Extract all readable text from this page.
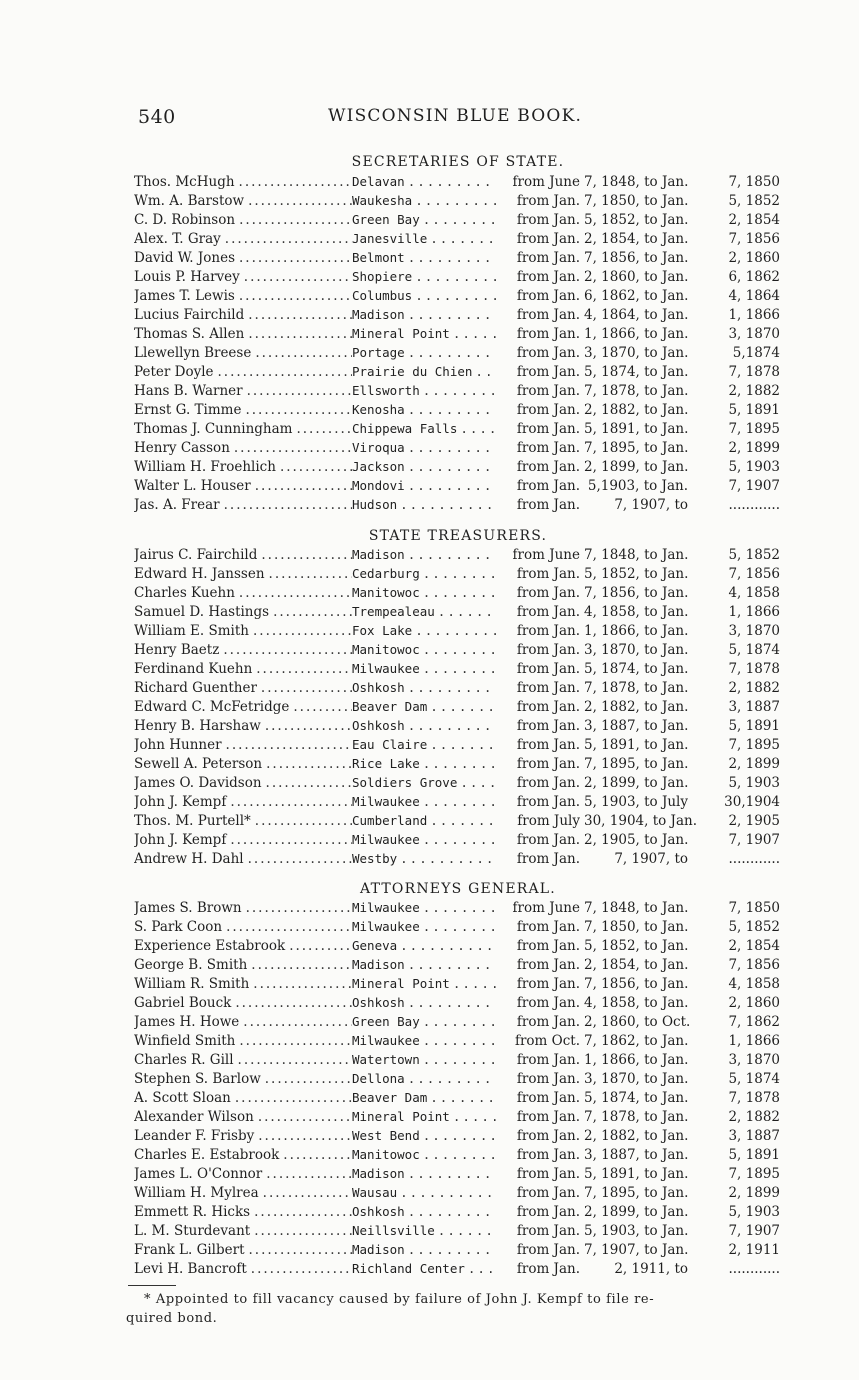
540	WISCONSIN BLUE BOOK.
SECRETARIES OF STATE.
Thos. McHugh .....	Delavan .....	from June 7, 1848, to Jan.	7, 1850
Wm. A. Barstow .....	Waukesha .....	from Jan. 7, 1850, to Jan.	5, 1852
C. D. Robinson .....	Green Bay .....	from Jan. 5, 1852, to Jan.	2, 1854
Alex. T. Gray .....	Janesville .....	from Jan. 2, 1854, to Jan.	7, 1856
David W. Jones .....	Belmont .....	from Jan. 7, 1856, to Jan.	2, 1860
Louis P. Harvey .....	Shopiere .....	from Jan. 2, 1860, to Jan.	6, 1862
James T. Lewis .....	Columbus .....	from Jan. 6, 1862, to Jan.	4, 1864
Lucius Fairchild .....	Madison .....	from Jan. 4, 1864, to Jan.	1, 1866
Thomas S. Allen .....	Mineral Point .....	from Jan. 1, 1866, to Jan.	3, 1870
Llewellyn Breese .....	Portage .....	from Jan. 3, 1870, to Jan.	5,1874
Peter Doyle .....	Prairie du Chien .....	from Jan. 5, 1874, to Jan.	7, 1878
Hans B. Warner .....	Ellsworth .....	from Jan. 7, 1878, to Jan.	2, 1882
Ernst G. Timme .....	Kenosha .....	from Jan. 2, 1882, to Jan.	5, 1891
Thomas J. Cunningham .....	Chippewa Falls .....	from Jan. 5, 1891, to Jan.	7, 1895
Henry Casson .....	Viroqua .....	from Jan. 7, 1895, to Jan.	2, 1899
William H. Froehlich .....	Jackson .....	from Jan. 2, 1899, to Jan.	5, 1903
Walter L. Houser .....	Mondovi .....	from Jan. 5,1903, to Jan.	7, 1907
Jas. A. Frear .....	Hudson .....	from Jan.	7, 1907, to	............
STATE TREASURERS.
Jairus C. Fairchild .....	Madison .....	from June 7, 1848, to Jan.	5, 1852
Edward H. Janssen .....	Cedarburg .....	from Jan. 5, 1852, to Jan.	7, 1856
Charles Kuehn .....	Manitowoc .....	from Jan. 7, 1856, to Jan.	4, 1858
Samuel D. Hastings .....	Trempealeau .....	from Jan. 4, 1858, to Jan.	1, 1866
William E. Smith .....	Fox Lake .....	from Jan. 1, 1866, to Jan.	3, 1870
Henry Baetz .....	Manitowoc .....	from Jan. 3, 1870, to Jan.	5, 1874
Ferdinand Kuehn .....	Milwaukee .....	from Jan. 5, 1874, to Jan.	7, 1878
Richard Guenther .....	Oshkosh .....	from Jan. 7, 1878, to Jan.	2, 1882
Edward C. McFetridge .....	Beaver Dam .....	from Jan. 2, 1882, to Jan.	3, 1887
Henry B. Harshaw .....	Oshkosh .....	from Jan. 3, 1887, to Jan.	5, 1891
John Hunner .....	Eau Claire .....	from Jan. 5, 1891, to Jan.	7, 1895
Sewell A. Peterson .....	Rice Lake .....	from Jan. 7, 1895, to Jan.	2, 1899
James O. Davidson .....	Soldiers Grove .....	from Jan. 2, 1899, to Jan.	5, 1903
John J. Kempf .....	Milwaukee .....	from Jan. 5, 1903, to July	30,1904
Thos. M. Purtell* .....	Cumberland .....	from July 30, 1904, to Jan.	2, 1905
John J. Kempf .....	Milwaukee .....	from Jan. 2, 1905, to Jan.	7, 1907
Andrew H. Dahl .....	Westby .....	from Jan.	7, 1907, to	............
ATTORNEYS GENERAL.
James S. Brown .....	Milwaukee .....	from June 7, 1848, to Jan.	7, 1850
S. Park Coon .....	Milwaukee .....	from Jan. 7, 1850, to Jan.	5, 1852
Experience Estabrook .....	Geneva .....	from Jan. 5, 1852, to Jan.	2, 1854
George B. Smith .....	Madison .....	from Jan. 2, 1854, to Jan.	7, 1856
William R. Smith .....	Mineral Point .....	from Jan. 7, 1856, to Jan.	4, 1858
Gabriel Bouck .....	Oshkosh .....	from Jan. 4, 1858, to Jan.	2, 1860
James H. Howe .....	Green Bay .....	from Jan. 2, 1860, to Oct.	7, 1862
Winfield Smith .....	Milwaukee .....	from Oct. 7, 1862, to Jan.	1, 1866
Charles R. Gill .....	Watertown .....	from Jan. 1, 1866, to Jan.	3, 1870
Stephen S. Barlow .....	Dellona .....	from Jan. 3, 1870, to Jan.	5, 1874
A. Scott Sloan .....	Beaver Dam .....	from Jan. 5, 1874, to Jan.	7, 1878
Alexander Wilson .....	Mineral Point .....	from Jan. 7, 1878, to Jan.	2, 1882
Leander F. Frisby .....	West Bend .....	from Jan. 2, 1882, to Jan.	3, 1887
Charles E. Estabrook .....	Manitowoc .....	from Jan. 3, 1887, to Jan.	5, 1891
James L. O'Connor .....	Madison .....	from Jan. 5, 1891, to Jan.	7, 1895
William H. Mylrea .....	Wausau .....	from Jan. 7, 1895, to Jan.	2, 1899
Emmett R. Hicks .....	Oshkosh .....	from Jan. 2, 1899, to Jan.	5, 1903
L. M. Sturdevant .....	Neillsville .....	from Jan. 5, 1903, to Jan.	7, 1907
Frank L. Gilbert .....	Madison .....	from Jan. 7, 1907, to Jan.	2, 1911
Levi H. Bancroft .....	Richland Center .....	from Jan.	2, 1911, to	............
* Appointed to fill vacancy caused by failure of John J. Kempf to file re-
quired bond.
